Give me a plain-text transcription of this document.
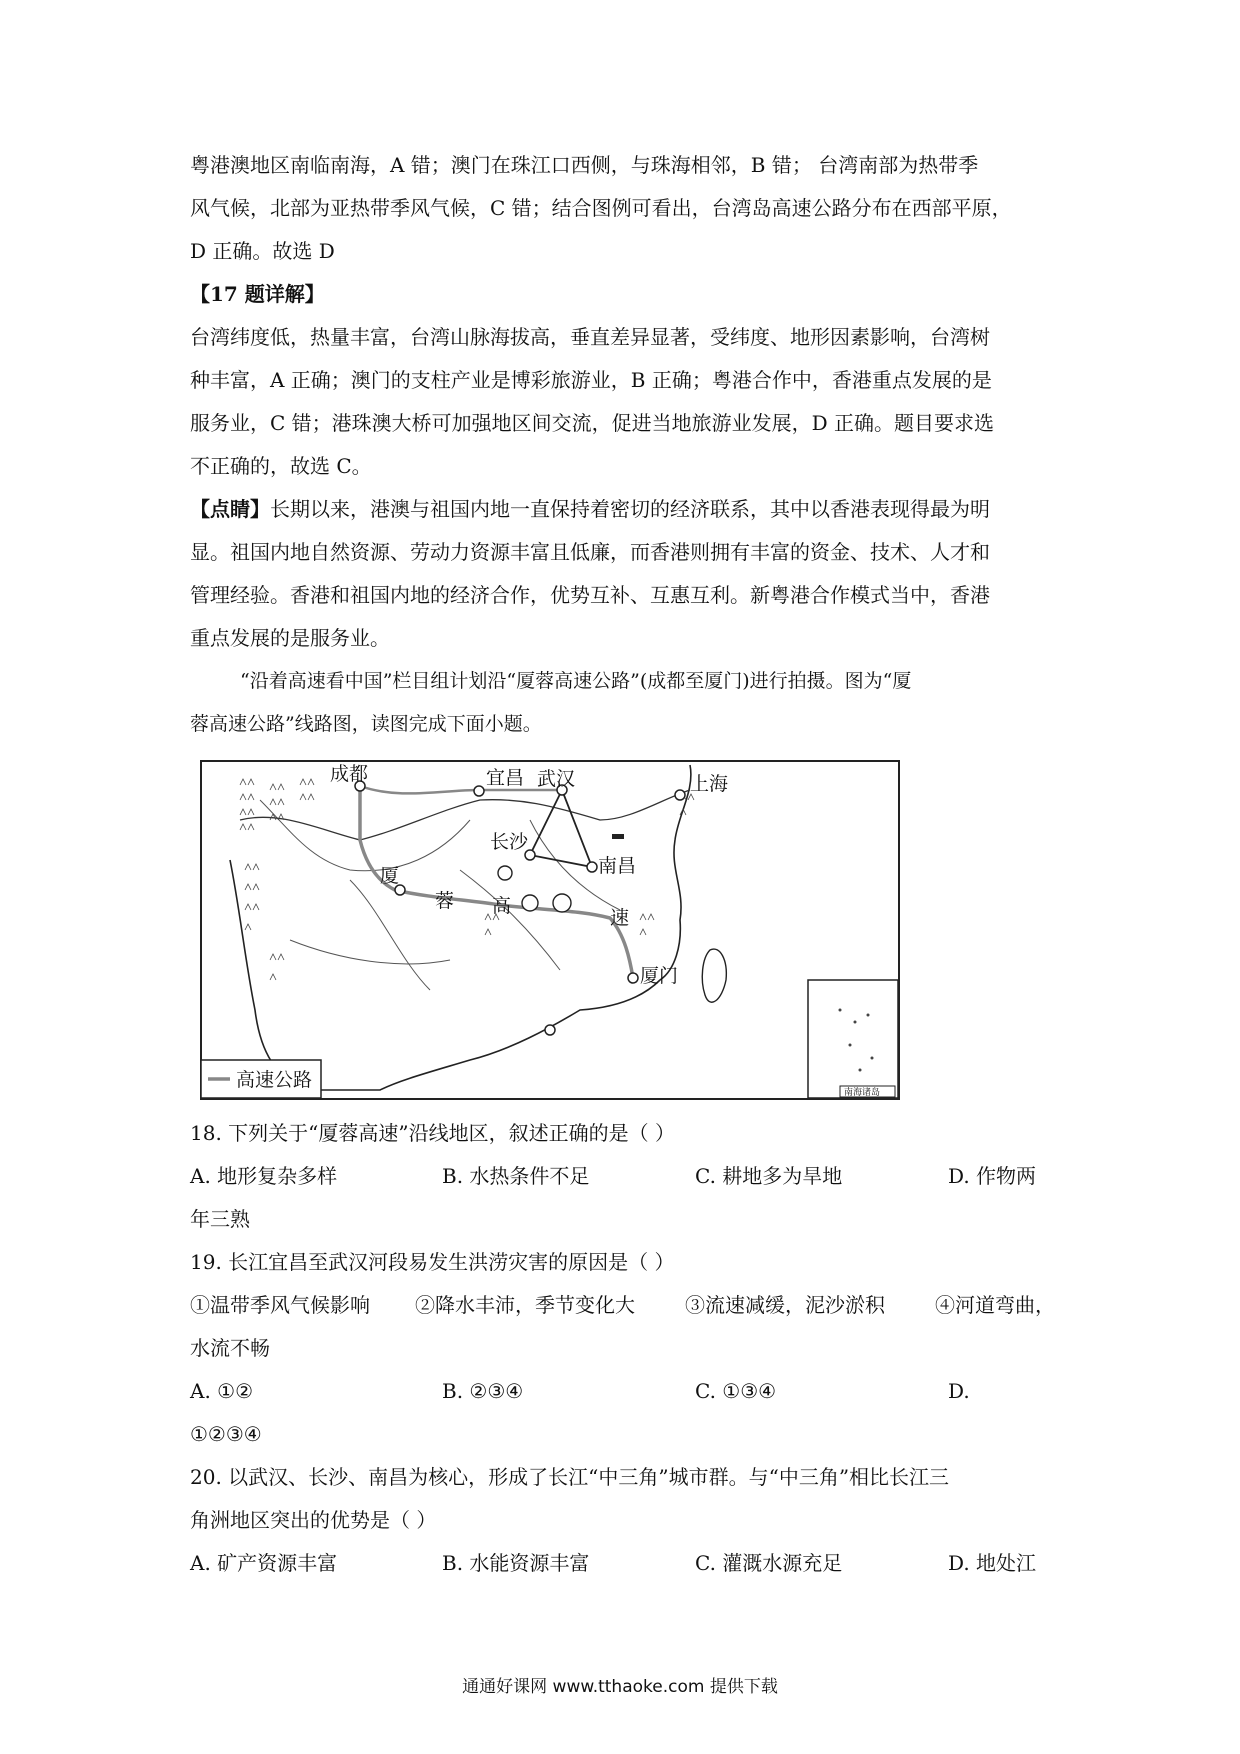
粤港澳地区南临南海，A 错；澳门在珠江口西侧，与珠海相邻，B 错； 台湾南部为热带季
风气候，北部为亚热带季风气候，C 错；结合图例可看出，台湾岛高速公路分布在西部平原，
D 正确。故选 D
【17 题详解】
台湾纬度低，热量丰富，台湾山脉海拔高，垂直差异显著，受纬度、地形因素影响，台湾树
种丰富，A 正确；澳门的支柱产业是博彩旅游业，B 正确；粤港合作中，香港重点发展的是
服务业，C 错；港珠澳大桥可加强地区间交流，促进当地旅游业发展，D 正确。题目要求选
不正确的，故选 C。
【点睛】长期以来，港澳与祖国内地一直保持着密切的经济联系，其中以香港表现得最为明
显。祖国内地自然资源、劳动力资源丰富且低廉，而香港则拥有丰富的资金、技术、人才和
管理经验。香港和祖国内地的经济合作，优势互补、互惠互利。新粤港合作模式当中，香港
重点发展的是服务业。
“沿着高速看中国”栏目组计划沿“厦蓉高速公路”(成都至厦门)进行拍摄。图为“厦
蓉高速公路”线路图，读图完成下面小题。
成都	宜昌 武汉	上海
长沙
南昌
厦门
厦
蓉 高
速
高速公路
南海诸岛
18. 下列关于“厦蓉高速”沿线地区，叙述正确的是（ ）
A. 地形复杂多样	B. 水热条件不足	C. 耕地多为旱地	D. 作物两
年三熟
19. 长江宜昌至武汉河段易发生洪涝灾害的原因是（ ）
①温带季风气候影响 ②降水丰沛，季节变化大	③流速减缓，泥沙淤积	④河道弯曲，
水流不畅
A. ①②	B. ②③④	C. ①③④	D.
①②③④
20. 以武汉、长沙、南昌为核心，形成了长江“中三角”城市群。与“中三角”相比长江三
角洲地区突出的优势是（ ）
A. 矿产资源丰富	B. 水能资源丰富	C. 灌溉水源充足	D. 地处江
通通好课网 www.tthaoke.com 提供下载
